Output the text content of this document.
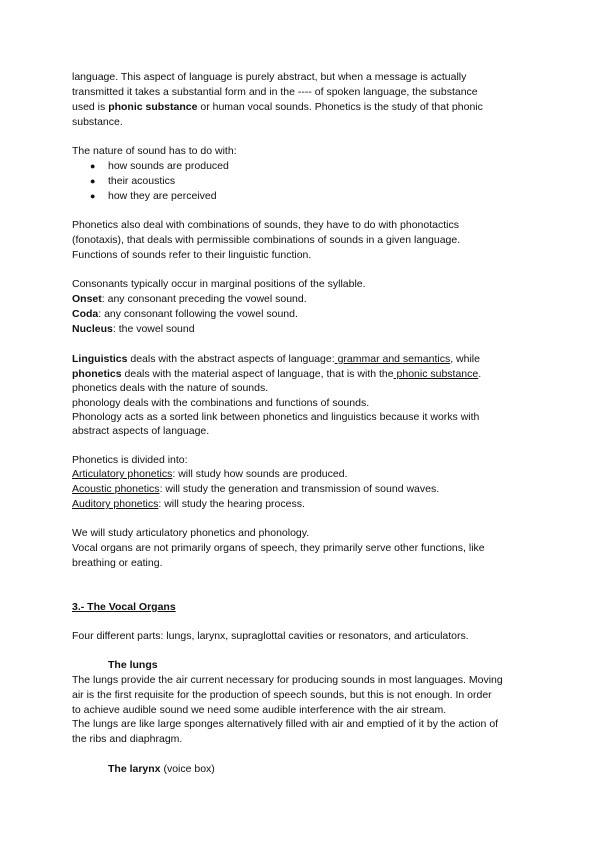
language. This aspect of language is purely abstract, but when a message is actually
transmitted it takes a substantial form and in the ---- of spoken language, the substance
used is phonic substance or human vocal sounds. Phonetics is the study of that phonic
substance.
The nature of sound has to do with:
● how sounds are produced
● their acoustics
● how they are perceived
Phonetics also deal with combinations of sounds, they have to do with phonotactics
(fonotaxis), that deals with permissible combinations of sounds in a given language.
Functions of sounds refer to their linguistic function.
Consonants typically occur in marginal positions of the syllable.
Onset: any consonant preceding the vowel sound.
Coda: any consonant following the vowel sound.
Nucleus: the vowel sound
Linguistics deals with the abstract aspects of language: grammar and semantics, while
phonetics deals with the material aspect of language, that is with the phonic substance.
phonetics deals with the nature of sounds.
phonology deals with the combinations and functions of sounds.
Phonology acts as a sorted link between phonetics and linguistics because it works with
abstract aspects of language.
Phonetics is divided into:
Articulatory phonetics: will study how sounds are produced.
Acoustic phonetics: will study the generation and transmission of sound waves.
Auditory phonetics: will study the hearing process.
We will study articulatory phonetics and phonology.
Vocal organs are not primarily organs of speech, they primarily serve other functions, like
breathing or eating.
3.- The Vocal Organs
Four different parts: lungs, larynx, supraglottal cavities or resonators, and articulators.
The lungs
The lungs provide the air current necessary for producing sounds in most languages. Moving
air is the first requisite for the production of speech sounds, but this is not enough. In order
to achieve audible sound we need some audible interference with the air stream.
The lungs are like large sponges alternatively filled with air and emptied of it by the action of
the ribs and diaphragm.
The larynx (voice box)
